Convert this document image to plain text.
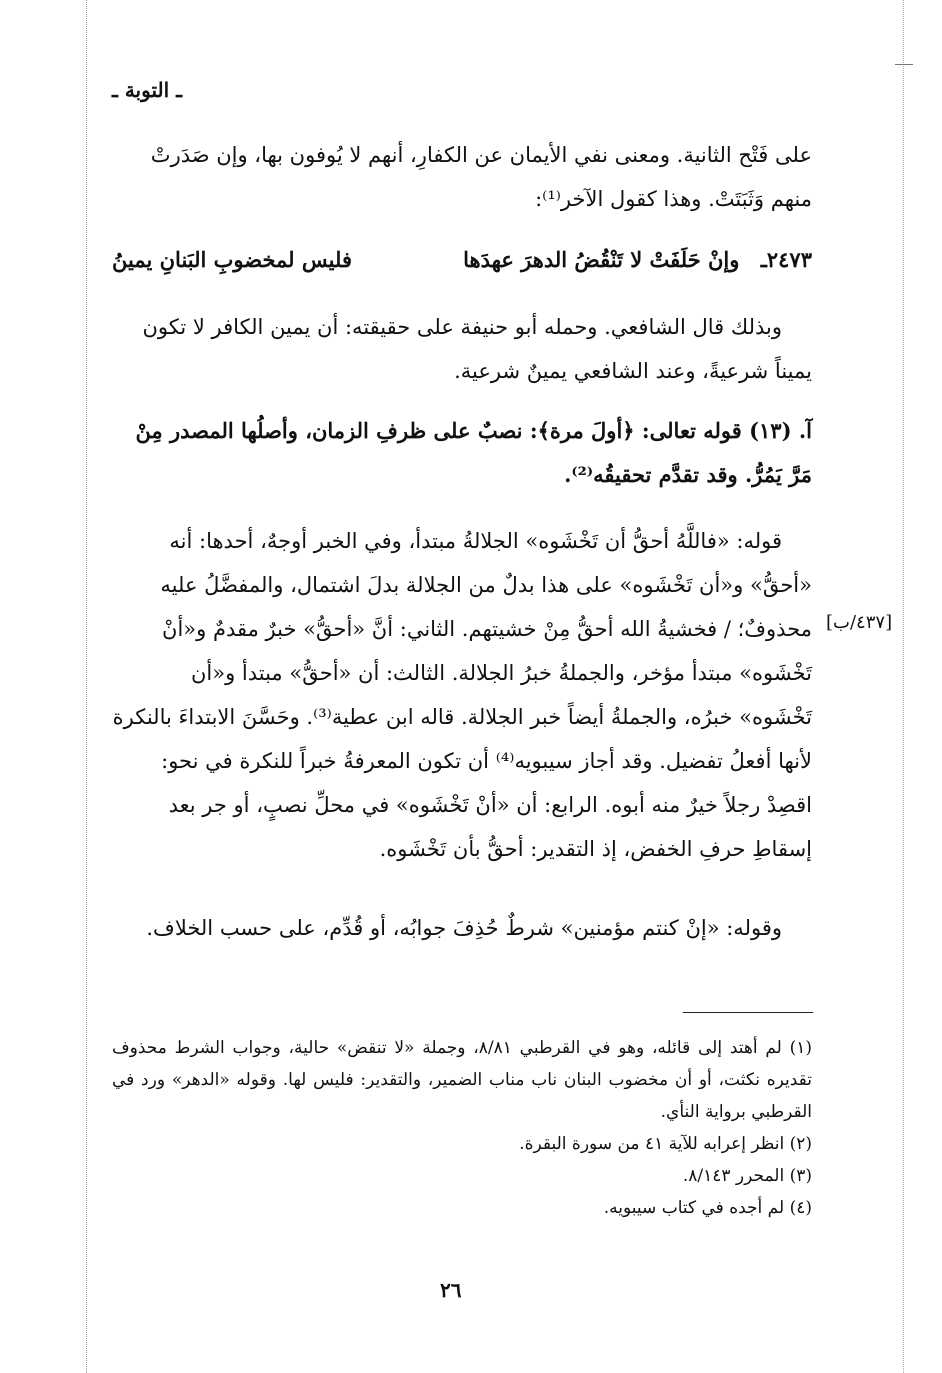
ـ التوبة ـ

على فَتْح الثانية. ومعنى نفي الأيمان عن الكفارِ، أنهم لا يُوفون بها، وإن صَدَرتْ منهم وَثَبَتَتْ. وهذا كقول الآخر⁽¹⁾:

٢٤٧٣ـ وإنْ حَلَفَتْ لا تَنْقُضُ الدهرَ عهدَها
فليس لمخضوبِ البَنانِ يمينُ

وبذلك قال الشافعي. وحمله أبو حنيفة على حقيقته: أن يمين الكافر لا تكون يميناً شرعيةً، وعند الشافعي يمينٌ شرعية.

آ. (١٣) قوله تعالى: ﴿أولَ مرة﴾: نصبٌ على ظرفِ الزمان، وأصلُها المصدر مِنْ مَرَّ يَمُرُّ. وقد تقدَّم تحقيقُه⁽²⁾.

قوله: «فاللَّهُ أحقُّ أن تَخْشَوه» الجلالةُ مبتدأ، وفي الخبر أوجهٌ، أحدها: أنه «أحقُّ» و«أن تَخْشَوه» على هذا بدلٌ من الجلالة بدلَ اشتمال، والمفضَّلُ عليه محذوفٌ؛ / فخشيةُ الله أحقُّ مِنْ خشيتهم. الثاني: أنَّ «أحقُّ» خبرٌ مقدمٌ و«أنْ تَخْشَوه» مبتدأ مؤخر، والجملةُ خبرُ الجلالة. الثالث: أن «أحقُّ» مبتدأ و«أن تَخْشَوه» خبرُه، والجملةُ أيضاً خبر الجلالة. قاله ابن عطية⁽³⁾. وحَسَّنَ الابتداءَ بالنكرة لأنها أفعلُ تفضيل. وقد أجاز سيبويه⁽⁴⁾ أن تكون المعرفةُ خبراً للنكرة في نحو: اقصِدْ رجلاً خيرٌ منه أبوه. الرابع: أن «أنْ تَخْشَوه» في محلِّ نصبٍ، أو جر بعد إسقاطِ حرفِ الخفض، إذ التقدير: أحقُّ بأن تَخْشَوه.

[٤٣٧/ب]

وقوله: «إنْ كنتم مؤمنين» شرطٌ حُذِفَ جوابُه، أو قُدِّم، على حسب الخلاف.

(١) لم أهتد إلى قائله، وهو في القرطبي ٨/٨١، وجملة «لا تنقض» حالية، وجواب الشرط محذوف تقديره نكثت، أو أن مخضوب البنان ناب مناب الضمير، والتقدير: فليس لها. وقوله «الدهر» ورد في القرطبي برواية النأي.

(٢) انظر إعرابه للآية ٤١ من سورة البقرة.

(٣) المحرر ٨/١٤٣.

(٤) لم أجده في كتاب سيبويه.

٢٦
